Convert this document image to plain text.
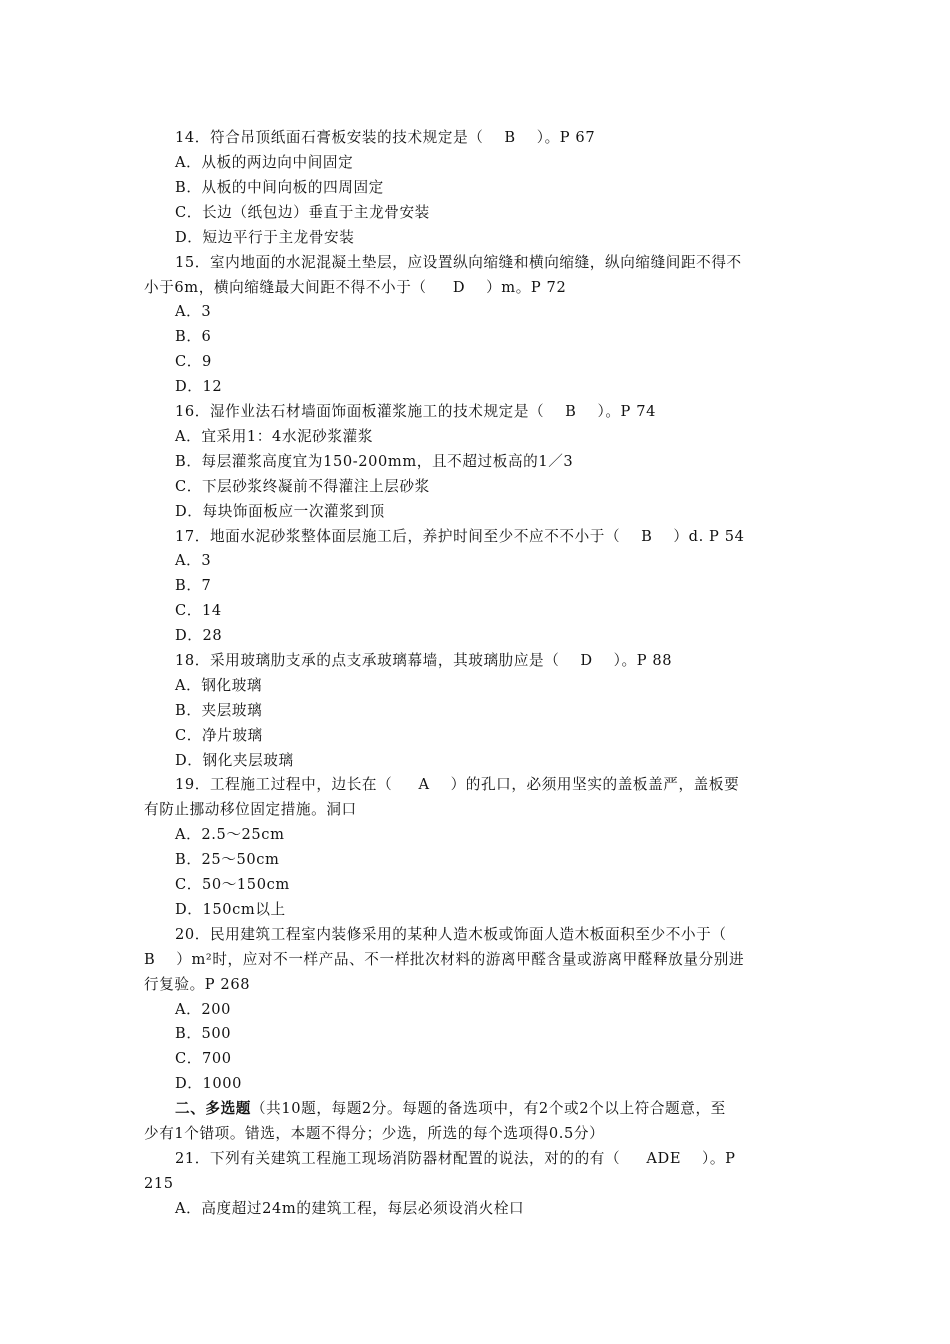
14．符合吊顶纸面石膏板安装的技术规定是（    B    ）。P 67
A．从板的两边向中间固定
B．从板的中间向板的四周固定
C．长边（纸包边）垂直于主龙骨安装
D．短边平行于主龙骨安装
15．室内地面的水泥混凝土垫层，应设置纵向缩缝和横向缩缝，纵向缩缝间距不得不
小于6m，横向缩缝最大间距不得不小于（     D    ）m。P 72
A．3
B．6
C．9
D．12
16．湿作业法石材墙面饰面板灌浆施工的技术规定是（    B    ）。P 74
A．宜采用1：4水泥砂浆灌浆
B．每层灌浆高度宜为150-200mm，且不超过板高的1／3
C．下层砂浆终凝前不得灌注上层砂浆
D．每块饰面板应一次灌浆到顶
17．地面水泥砂浆整体面层施工后，养护时间至少不应不不小于（    B    ）d. P 54
A．3
B．7
C．14
D．28
18．采用玻璃肋支承的点支承玻璃幕墙，其玻璃肋应是（    D    ）。P 88
A．钢化玻璃
B．夹层玻璃
C．净片玻璃
D．钢化夹层玻璃
19．工程施工过程中，边长在（     A    ）的孔口，必须用坚实的盖板盖严，盖板要
有防止挪动移位固定措施。洞口
A．2.5～25cm
B．25～50cm
C．50～150cm
D．150cm以上
20．民用建筑工程室内装修采用的某种人造木板或饰面人造木板面积至少不小于（
B    ）m²时，应对不一样产品、不一样批次材料的游离甲醛含量或游离甲醛释放量分别进
行复验。P 268
A．200
B．500
C．700
D．1000
二、多选题（共10题，每题2分。每题的备选项中，有2个或2个以上符合题意，至
少有1个错项。错选，本题不得分；少选，所选的每个选项得0.5分）
21．下列有关建筑工程施工现场消防器材配置的说法，对的的有（     ADE    ）。P
215
A．高度超过24m的建筑工程，每层必须设消火栓口
